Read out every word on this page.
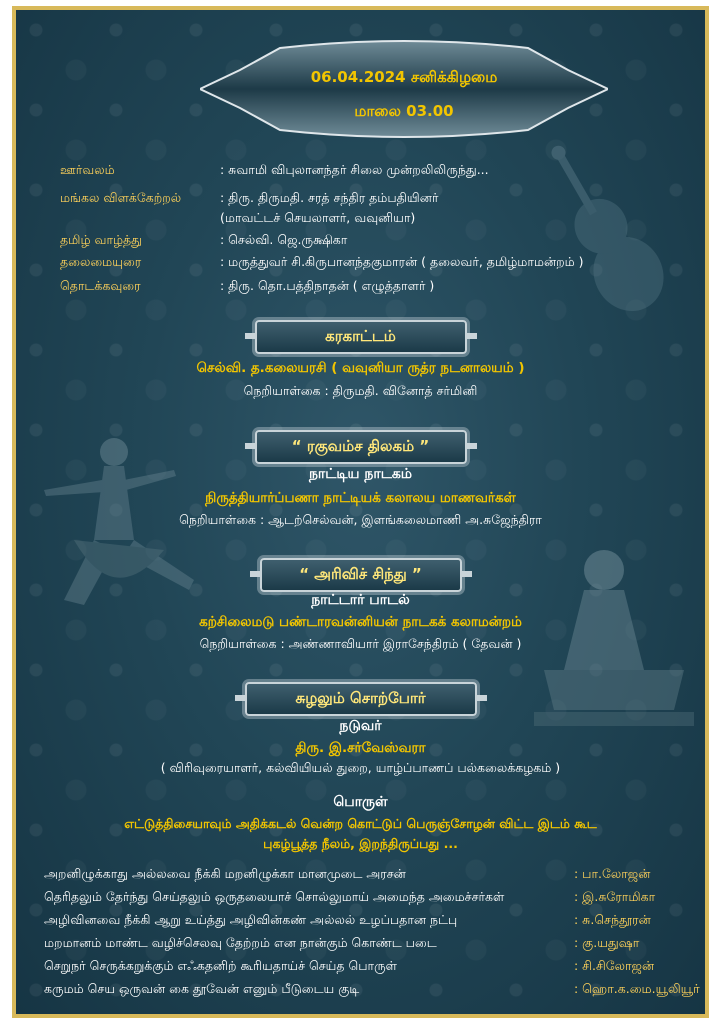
06.04.2024 சனிக்கிழமை
மாலை 03.00
ஊர்வலம்	: சுவாமி விபுலானந்தர் சிலை முன்றலிலிருந்து...
மங்கல விளக்கேற்றல்	: திரு. திருமதி. சரத் சந்திர தம்பதியினர்
(மாவட்டச் செயலாளர், வவுனியா)
தமிழ் வாழ்த்து	: செல்வி. ஜெ.ருக்ஷிகா
தலைமையுரை	: மருத்துவர் சி.கிருபானந்தகுமாரன் ( தலைவர், தமிழ்மாமன்றம் )
தொடக்கவுரை	: திரு. தொ.பத்திநாதன் ( எழுத்தாளர் )
கரகாட்டம்
செல்வி. த.கலையரசி ( வவுனியா ருத்ர நடனாலயம் )
நெறியாள்கை : திருமதி. வினோத் சர்மினி
“ ரகுவம்ச திலகம் ”
நாட்டிய நாடகம்
நிருத்தியார்ப்பணா நாட்டியக் கலாலய மாணவர்கள்
நெறியாள்கை : ஆடற்செல்வன், இளங்கலைமாணி அ.சுஜேந்திரா
“ அரிவிச் சிந்து ”
நாட்டார் பாடல்
கற்சிலைமடு பண்டாரவன்னியன் நாடகக் கலாமன்றம்
நெறியாள்கை : அண்ணாவியார் இராசேந்திரம் ( தேவன் )
சுழலும் சொற்போர்
நடுவர்
திரு. இ.சர்வேஸ்வரா
( விரிவுரையாளர், கல்வியியல் துறை, யாழ்ப்பாணப் பல்கலைக்கழகம் )
பொருள்
எட்டுத்திசையாவும் அதிக்கடல் வென்ற கொட்டுப் பெருஞ்சோழன் விட்ட இடம் கூட
புகழ்பூத்த நீலம், இறந்திருப்பது ...
அறனிழுக்காது அல்லவை நீக்கி மறனிழுக்கா மானமுடை அரசன்	: பா.லோஜன்
தெரிதலும் தேர்ந்து செய்தலும் ஒருதலையாச் சொல்லுமாய் அமைந்த அமைச்சர்கள்	: இ.சுரோமிகா
அழிவினவை நீக்கி ஆறு உய்த்து அழிவின்கண் அல்லல் உழப்பதான நட்பு	: சு.செந்தூரன்
மறமானம் மாண்ட வழிச்செலவு தேற்றம் என நான்கும் கொண்ட படை	: கு.யதுஷா
செறுநர் செருக்கறுக்கும் எஃகதனிற் கூரியதாய்ச் செய்த பொருள்	: சி.சிலோஜன்
கருமம் செய ஒருவன் கை தூவேன் எனும் பீடுடைய குடி	: ஹொ.க.மை.யூலியூர்
